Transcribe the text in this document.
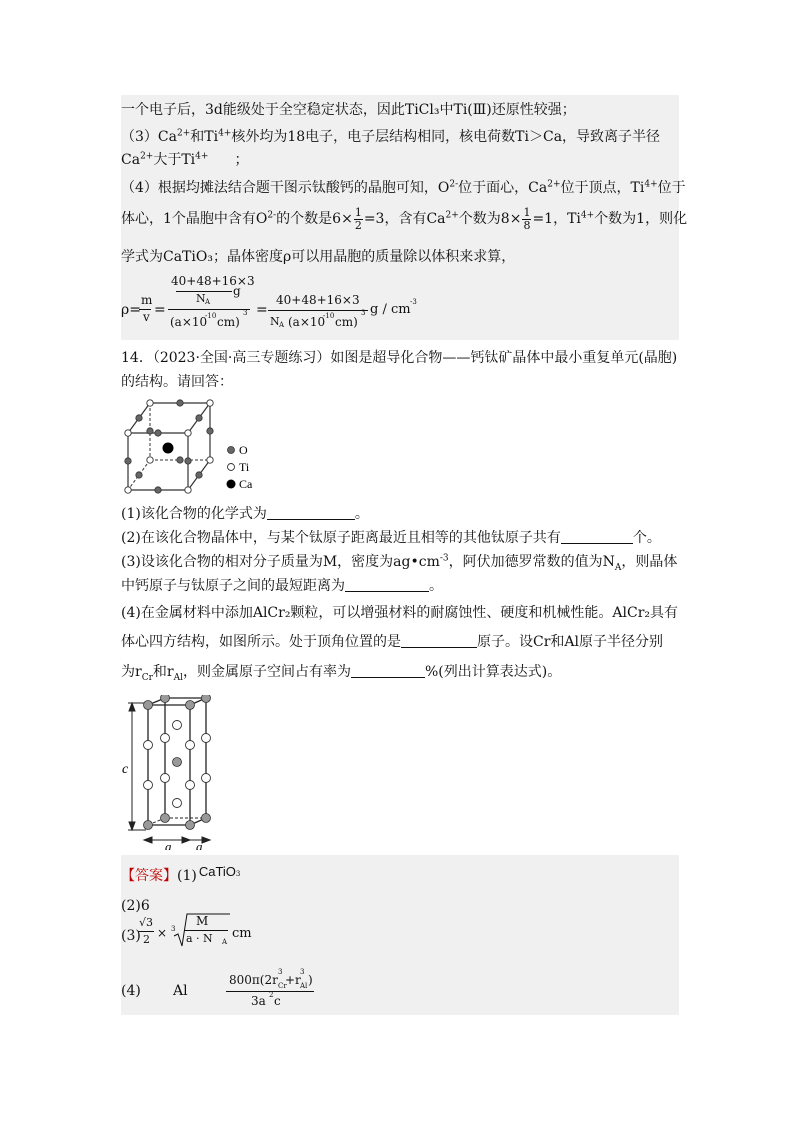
一个电子后，3d能级处于全空稳定状态，因此TiCl₃中Ti(Ⅲ)还原性较强；
$(3)Ca^{2+}$和$Ti^{4+}$核外均为18电子，电子层结构相同，核电荷数Ti＞Ca，导致离子半径
$Ca^{2+}$大于$Ti^{4+}$ ；
（4）根据均摊法结合题干图示钛酸钙的晶胞可知，$O^{2-}$位于面心，$Ca^{2+}$位于顶点，$Ti^{4+}$位于
体心，1个晶胞中含有$O^{2-}$的个数是$6\times \frac{1}{2} =3$，含有$Ca^{2+}$个数为$8\times \frac{1}{8} =1$，$Ti^{4+}$个数为1，则化
学式为CaTiO₃；晶体密度ρ可以用晶胞的质量除以体积来求算，
ρ=
m
v =
40+48+16×3
N A
g
(a×10
-10 cm)
3 =
40+48+16×3
N A (a×10
-10 cm)
3 g / cm -3
14．（2023·全国·高三专题练习）如图是超导化合物——钙钛矿晶体中最小重复单元(晶胞)
的结构。请回答：
O
Ti
Ca
(1)该化合物的化学式为	。
(2)在该化合物晶体中，与某个钛原子距离最近且相等的其他钛原子共有	个。
(3)设该化合物的相对分子质量为M，密度为$ag•cm^{-3}$，阿伏加德罗常数的值为$N_A$，则晶体
中钙原子与钛原子之间的最短距离为	。
(4)在金属材料中添加AlCr₂颗粒，可以增强材料的耐腐蚀性、硬度和机械性能。AlCr₂具有
体心四方结构，如图所示。处于顶角位置的是	原子。设Cr和Al原子半径分别
为$r_{Cr}$和$r_{Al}$，则金属原子空间占有率为	%(列出计算表达式)。
c
a a
【答案】(1) CaTiO$_3$
(2)6
(3)
√3
2 × 3
M
a · N A
cm
(4) Al
800π(2r
3
Cr
+r
3
Al )
3a 2 c
